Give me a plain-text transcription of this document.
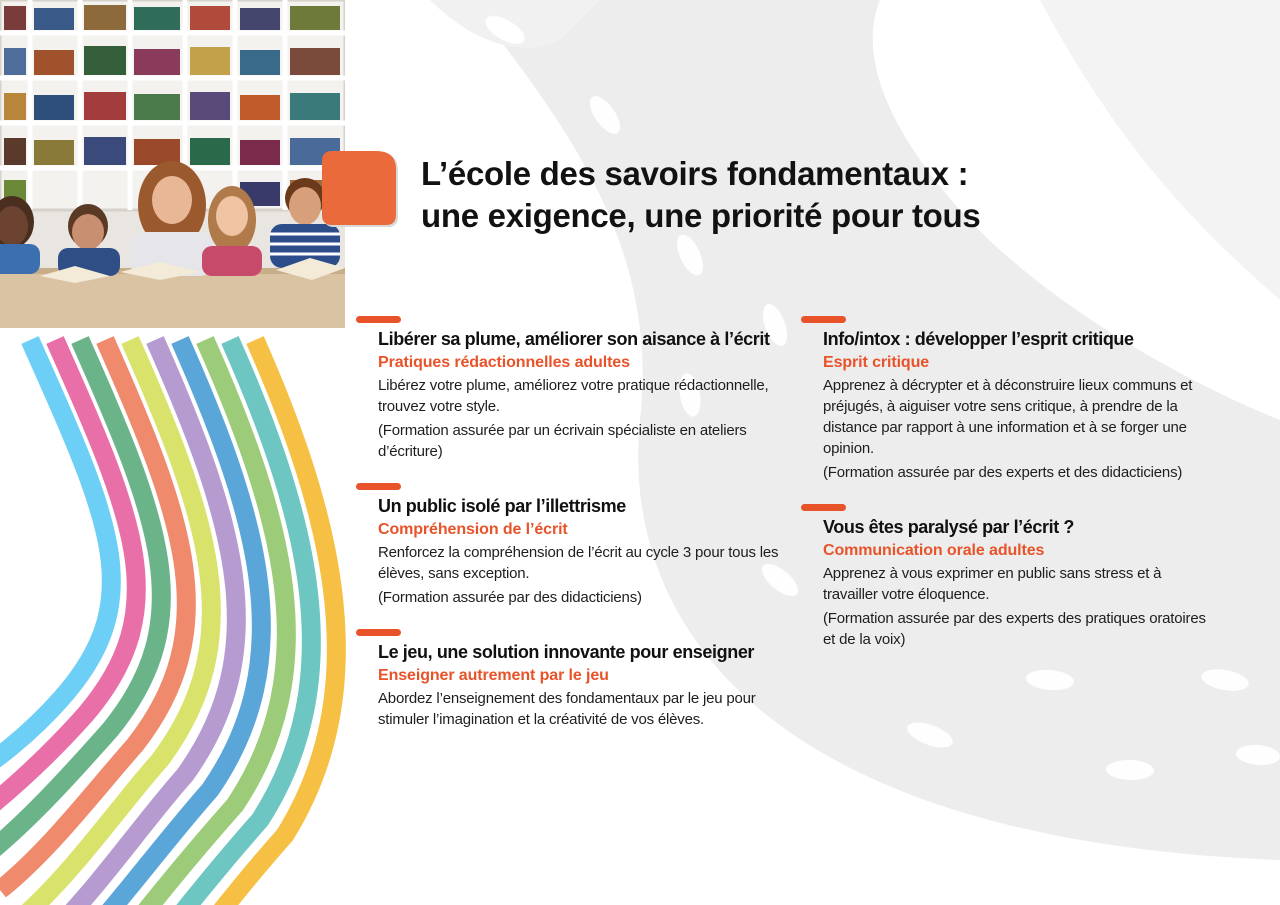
L’école des savoirs fondamentaux :
une exigence, une priorité pour tous
Libérer sa plume, améliorer son aisance à l’écrit
Pratiques rédactionnelles adultes

Libérez votre plume, améliorez votre pratique rédactionnelle, trouvez votre style.

(Formation assurée par un écrivain spécialiste en ateliers d’écriture)

Un public isolé par l’illettrisme
Compréhension de l’écrit

Renforcez la compréhension de l’écrit au cycle 3 pour tous les élèves, sans exception.

(Formation assurée par des didacticiens)

Le jeu, une solution innovante pour enseigner
Enseigner autrement par le jeu

Abordez l’enseignement des fondamentaux par le jeu pour stimuler l’imagination et la créativité de vos élèves.

Info/intox : développer l’esprit critique
Esprit critique

Apprenez à décrypter et à déconstruire lieux communs et préjugés, à aiguiser votre sens critique, à prendre de la distance par rapport à une information et à se forger une opinion.

(Formation assurée par des experts et des didacticiens)

Vous êtes paralysé par l’écrit ?
Communication orale adultes

Apprenez à vous exprimer en public sans stress et à travailler votre éloquence.

(Formation assurée par des experts des pratiques oratoires et de la voix)
